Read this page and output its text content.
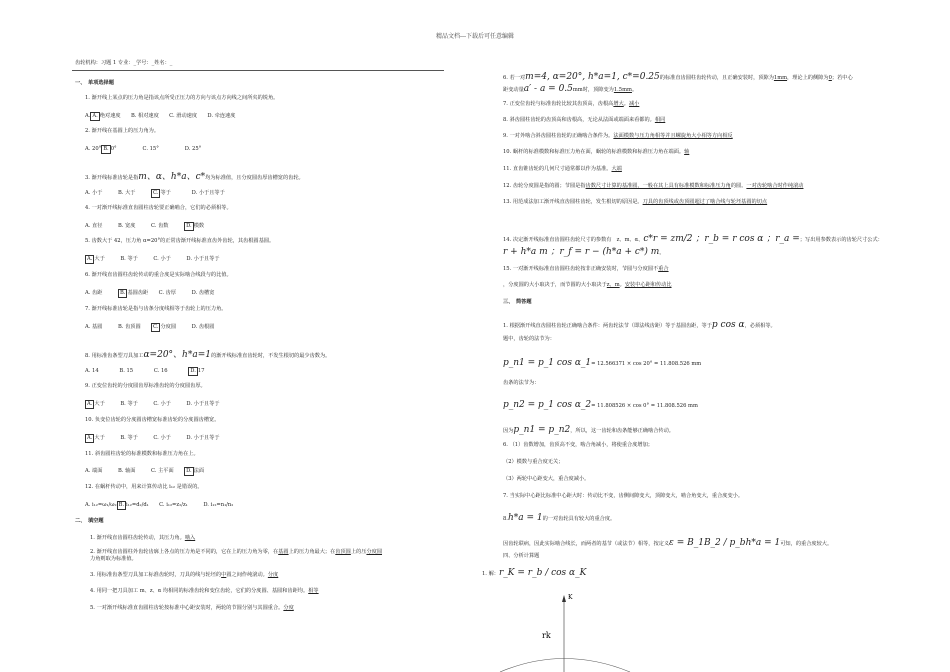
精品文档---下载后可任意编辑
齿轮机构：习题 1 专业：_学号：_姓名：_
一、　单项选择题
1. 渐开线上某点的压力角是指该点所受正压力的方向与该点方向线之间所夹的锐角。
A. A. 绝对速度　　B. 相对速度　　C. 滑动速度　　D. 牵连速度
2. 渐开线在基圆上的压力角为。
A. 20° B. 0°　　　　　C. 15°　　　　　D. 25°
3. 渐开线标准齿轮是指m、α、h*a、c*均为标准值，且分度圆齿厚齿槽宽的齿轮。
A. 小于　　　B. 大于　　　C. 等于　　　　D. 小于且等于
4. 一对渐开线标准直齿圆柱齿轮要正确啮合，它们的必须相等。
A. 直径　　　B. 宽度　　　C. 齿数　　　D. 模数
5. 齿数大于 42，压力角 α=20°的正常齿渐开线标准直齿外齿轮，其齿根圆基圆。
A. 大于　　　B. 等于　　　C. 小于　　　D. 小于且等于
6. 渐开线直齿圆柱齿轮传动的重合度是实际啮合线段与的比值。
A. 齿距　　　B. 基圆齿距　　C. 齿厚　　　D. 齿槽宽
7. 渐开线标准齿轮是指与齿条分度线相等于齿轮上的压力角。
A. 基圆　　　B. 齿顶圆　　C. 分度圆　　　D. 齿根圆
8. 用标准齿条型刀具加工α=20°、h*a=1的渐开线标准直齿轮时，不发生根切的最少齿数为。
A. 14　　　　B. 15　　　　C. 16　　　　D. 17
9. 正变位齿轮的分度圆齿厚标准齿轮的分度圆齿厚。
A. 大于　　　B. 等于　　　C. 小于　　　D. 小于且等于
10. 负变位齿轮的分度圆齿槽宽标准齿轮的分度圆齿槽宽。
A. 大于　　　B. 等于　　　C. 小于　　　D. 小于且等于
11. 斜齿圆柱齿轮的标准模数和标准压力角在上。
A. 端面　　　B. 轴面　　　C. 主平面　　D. 法面
12. 在蜗杆传动中，用来计算传动比 i₁₂ 是错误的。
A. i₁₂=ω₁/ω₂ B. i₁₂=d₂/d₁　　C. i₁₂=z₂/z₁　　　D. i₁₂=n₁/n₂
二、　填空题
1. 渐开线直齿圆柱齿轮传动，其压力角。啮入
2. 渐开线直齿圆柱外齿轮齿廓上各点的压力角是不同的，它在上的压力角为零，在基圆上的压力角最大；在齿顶圆上的压分度圆
力角则取为标准值。
3. 用标准齿条型刀具加工标准齿轮时，刀具的线与轮坯的中圆之间作纯滚动。分度
4. 用同一把刀具加工 m、z、α 均相同的标准齿轮和变位齿轮，它们的分度圆、基圆和齿距均。相等
5. 一对渐开线标准直齿圆柱齿轮按标准中心距安装时，两轮的节圆分别与其圆重合。分度
6. 若一对m=4, α=20°, h*a=1, c*=0.25的标准直齿圆柱齿轮传动，且正确安装时，顶隙为1mm，理论上的侧隙为0；若中心
距变动量a′ - a = 0.5mm时，顶隙变为1.5mm。
7. 正变位齿轮与标准齿轮比较其齿顶高，齿根高增大。减小
8. 斜齿圆柱齿轮的齿顶高和齿根高，无论从法面或端面来看都的。相同
9. 一对外啮合斜齿圆柱齿轮的正确啮合条件为。法面模数与压力角相等并且螺旋角大小相等方向相反
10. 蜗杆的标准模数和标准压力角在面，蜗轮的标准模数和标准压力角在端面。轴
11. 直齿锥齿轮的几何尺寸通常都以作为基准。大端
12. 齿轮分度圆是指的圆；节圆是指齿数尺寸计算的基准圆，一般在其上具有标准模数和标准压力角的圆。一对齿轮啮合时作纯滚动
13. 用范成法加工渐开线直齿圆柱齿轮，发生根切的原因是。刀具的齿顶线或齿顶圆超过了啮合线与轮坯基圆的切点
14. 决定渐开线标准直齿圆柱齿轮尺寸的参数有　z、m、α、c*r = zm/2 ；r_b = r cos α ；r_a =；写出用参数表示的齿轮尺寸公式：
r + h*a m ；r_f = r − (h*a + c*) m。
15. 一对渐开线标准直齿圆柱齿轮按非正确安装时，节圆与分度圆不重合
，分度圆的大小取决于，而节圆的大小取决于z、m。安装中心距和传动比
三、　简答题
1. 根据渐开线直齿圆柱齿轮正确啮合条件：两齿轮法节（即法线齿距）等于基圆齿距，等于p cos α，必须相等。
题中，齿轮的法节为：
p_n1 = p_1 cos α_1= 12.566371 × cos 20° = 11.808.526 mm
齿条的法节为：
p_n2 = p_1 cos α_2= 11.808526 × cos 0° = 11.808.526 mm
因为p_n1 = p_n2，所以，这一齿轮和齿条能够正确啮合传动。
6. （1）齿数增加，齿顶高不变，啮合角减小，将使重合度增加；
（2）模数与重合度无关；
（3）两轮中心距变大，重合度减小。
7. 当实际中心距比标准中心距大时：传动比不变，齿侧间隙变大，顶隙变大，啮合角变大，重合度变小。
8.h*a = 1的一对齿轮具有较大的重合度。
因齿轮联病，因此实际啮合线长，而两者的基节（或法节）相等，按定义ε = B_1B_2 / p_bh*a = 1可知，的重合度较大。
四、分析计算题
1. 解：r_K = r_b / cos α_K
K
rk
